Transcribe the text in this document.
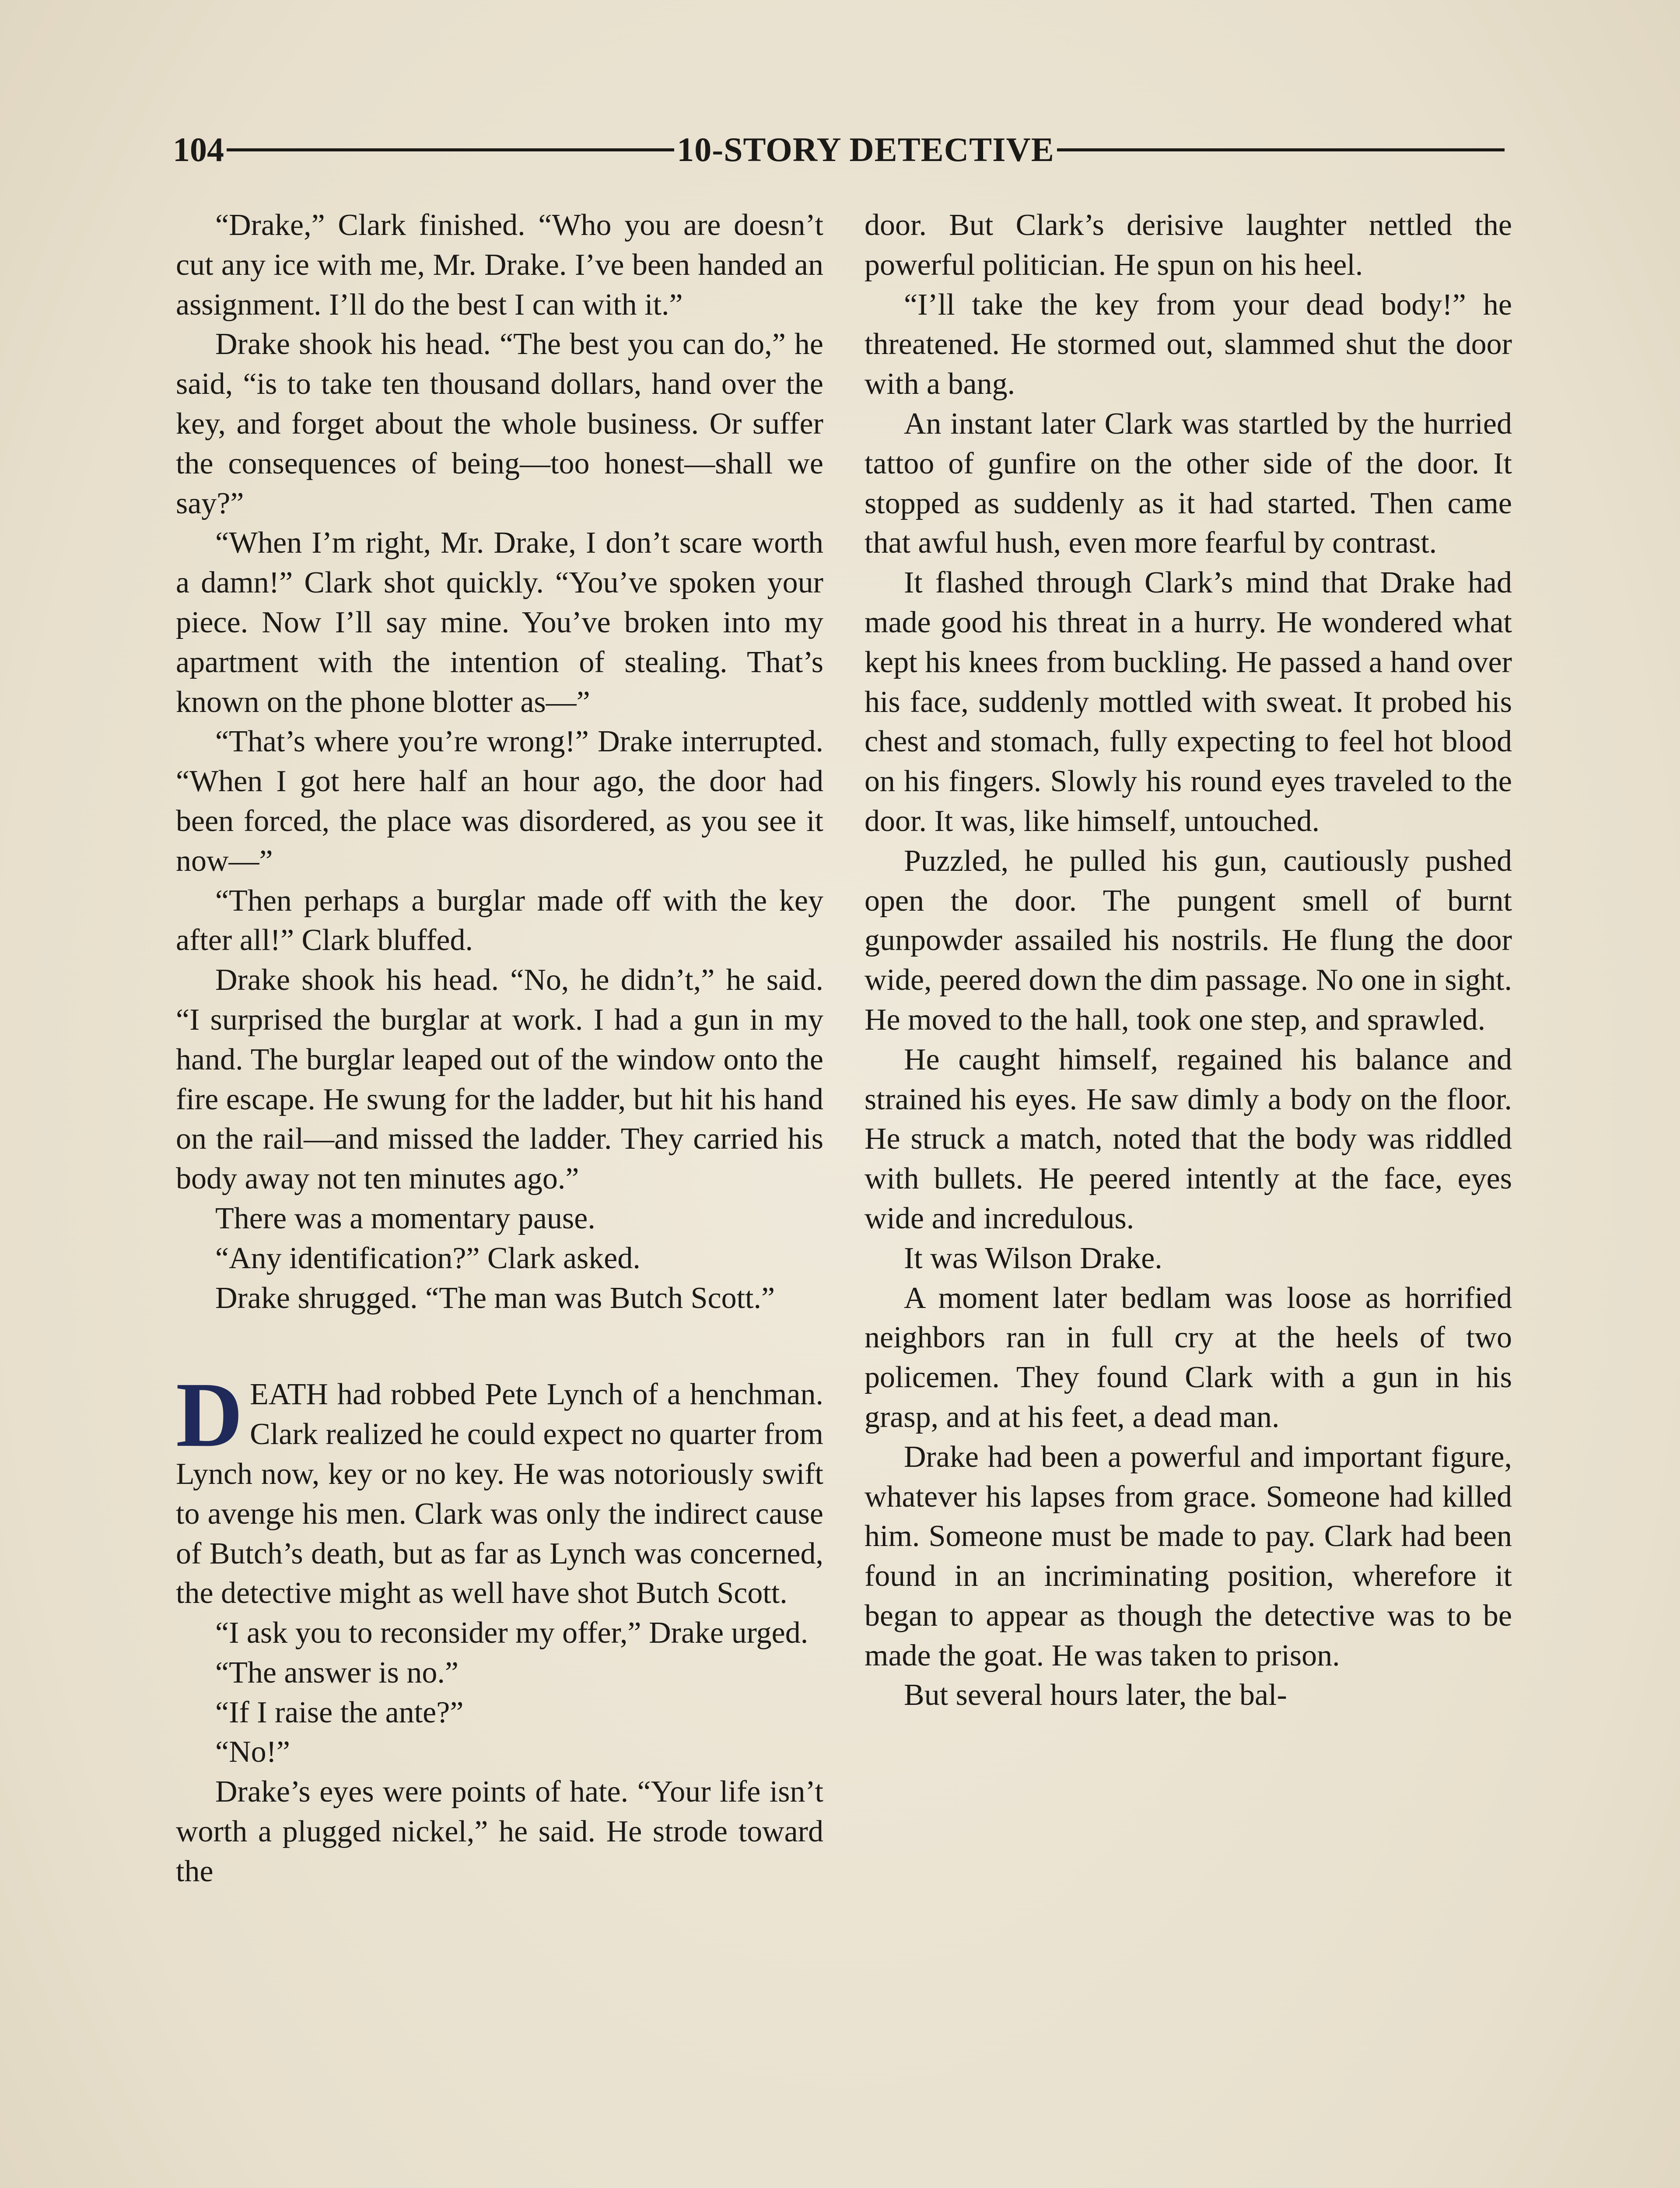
104	10-STORY DETECTIVE

“Drake,” Clark finished. “Who you are doesn’t cut any ice with me, Mr. Drake. I’ve been handed an assignment. I’ll do the best I can with it.”

Drake shook his head. “The best you can do,” he said, “is to take ten thousand dollars, hand over the key, and forget about the whole business. Or suffer the consequences of being—too honest—shall we say?”

“When I’m right, Mr. Drake, I don’t scare worth a damn!” Clark shot quickly. “You’ve spoken your piece. Now I’ll say mine. You’ve broken into my apartment with the intention of stealing. That’s known on the phone blotter as—”

“That’s where you’re wrong!” Drake interrupted. “When I got here half an hour ago, the door had been forced, the place was disordered, as you see it now—”

“Then perhaps a burglar made off with the key after all!” Clark bluffed.

Drake shook his head. “No, he didn’t,” he said. “I surprised the burglar at work. I had a gun in my hand. The burglar leaped out of the window onto the fire escape. He swung for the ladder, but hit his hand on the rail—and missed the ladder. They carried his body away not ten minutes ago.”

There was a momentary pause.

“Any identification?” Clark asked.

Drake shrugged. “The man was Butch Scott.”

DEATH had robbed Pete Lynch of a henchman. Clark realized he could expect no quarter from Lynch now, key or no key. He was notoriously swift to avenge his men. Clark was only the indirect cause of Butch’s death, but as far as Lynch was concerned, the detective might as well have shot Butch Scott.

“I ask you to reconsider my offer,” Drake urged.

“The answer is no.”

“If I raise the ante?”

“No!”

Drake’s eyes were points of hate. “Your life isn’t worth a plugged nickel,” he said. He strode toward the

door. But Clark’s derisive laughter nettled the powerful politician. He spun on his heel.

“I’ll take the key from your dead body!” he threatened. He stormed out, slammed shut the door with a bang.

An instant later Clark was startled by the hurried tattoo of gunfire on the other side of the door. It stopped as suddenly as it had started. Then came that awful hush, even more fearful by contrast.

It flashed through Clark’s mind that Drake had made good his threat in a hurry. He wondered what kept his knees from buckling. He passed a hand over his face, suddenly mottled with sweat. It probed his chest and stomach, fully expecting to feel hot blood on his fingers. Slowly his round eyes traveled to the door. It was, like himself, untouched.

Puzzled, he pulled his gun, cautiously pushed open the door. The pungent smell of burnt gunpowder assailed his nostrils. He flung the door wide, peered down the dim passage. No one in sight. He moved to the hall, took one step, and sprawled.

He caught himself, regained his balance and strained his eyes. He saw dimly a body on the floor. He struck a match, noted that the body was riddled with bullets. He peered intently at the face, eyes wide and incredulous.

It was Wilson Drake.

A moment later bedlam was loose as horrified neighbors ran in full cry at the heels of two policemen. They found Clark with a gun in his grasp, and at his feet, a dead man.

Drake had been a powerful and important figure, whatever his lapses from grace. Someone had killed him. Someone must be made to pay. Clark had been found in an incriminating position, wherefore it began to appear as though the detective was to be made the goat. He was taken to prison.

But several hours later, the bal-
